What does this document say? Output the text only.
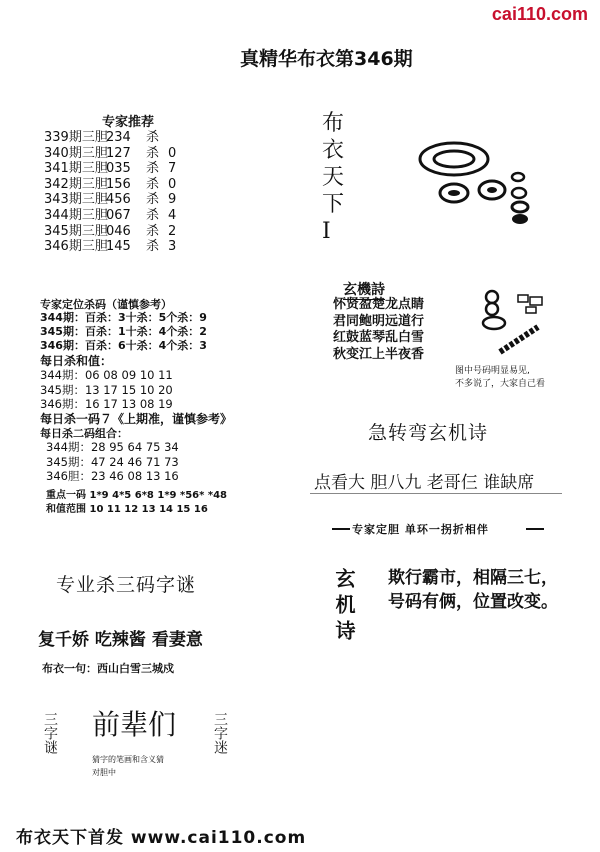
cai110.com
真精华布衣第346期
专家推荐
339期三胆234 杀
340期三胆127 杀 0
341期三胆035 杀 7
342期三胆156 杀 0
343期三胆456 杀 9
344期三胆067 杀 4
345期三胆046 杀 2
346期三胆145 杀 3
专家定位杀码（谨慎参考）
344期：百杀：3十杀：5个杀：9
345期：百杀：1十杀：4个杀：2
346期：百杀：6十杀：4个杀：3
每日杀和值：
344期：06 08 09 10 11
345期：13 17 15 10 20
346期：16 17 13 08 19
每日杀一码７《上期准，谨慎参考》
每日杀二码组合：
344期：28 95 64 75 34
345期：47 24 46 71 73
346胆：23 46 08 13 16
重点一码 1*9 4*5 6*8 1*9 *56* *48
和值范围 10 11 12 13 14 15 16
布衣天下Ⅰ
玄機詩
怀贤盈楚龙点睛
君同鲍明远道行
红鼓蓝琴乱白雪
秋变江上半夜香
图中号码明显易见,
不多说了，大家自己看
急转弯玄机诗
点看大 胆八九 老哥仨 谁缺席
专家定胆 单环一拐折相伴
玄机诗 欺行霸市，相隔三七，
号码有俩，位置改变。
专业杀三码字谜
复千娇 吃辣酱 看妻意
布衣一句：西山白雪三城戍
三字谜 前辈们
猜字的笔画和含义猜
对胆中
三字迷
布衣天下首发 www.cai110.com
